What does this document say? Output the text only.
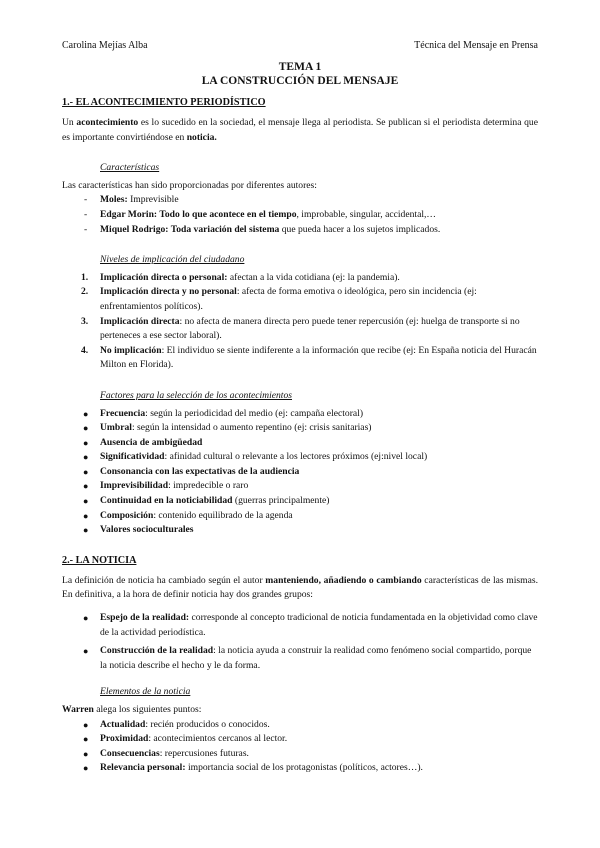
Carolina Mejías Alba	Técnica del Mensaje en Prensa
TEMA 1
LA CONSTRUCCIÓN DEL MENSAJE
1.- EL ACONTECIMIENTO PERIODÍSTICO

Un acontecimiento es lo sucedido en la sociedad, el mensaje llega al periodista. Se publican si el periodista determina que es importante convirtiéndose en noticia.

Características

Las características han sido proporcionadas por diferentes autores:

- Moles: Imprevisible
- Edgar Morin: Todo lo que acontece en el tiempo, improbable, singular, accidental,…
- Miquel Rodrigo: Toda variación del sistema que pueda hacer a los sujetos implicados.

Niveles de implicación del ciudadano

1. Implicación directa o personal: afectan a la vida cotidiana (ej: la pandemia).
2. Implicación directa y no personal: afecta de forma emotiva o ideológica, pero sin incidencia (ej: enfrentamientos políticos).
3. Implicación directa: no afecta de manera directa pero puede tener repercusión (ej: huelga de transporte si no perteneces a ese sector laboral).
4. No implicación: El individuo se siente indiferente a la información que recibe (ej: En España noticia del Huracán Milton en Florida).

Factores para la selección de los acontecimientos

● Frecuencia: según la periodicidad del medio (ej: campaña electoral)
● Umbral: según la intensidad o aumento repentino (ej: crisis sanitarias)
● Ausencia de ambigüedad
● Significatividad: afinidad cultural o relevante a los lectores próximos (ej:nivel local)
● Consonancia con las expectativas de la audiencia
● Imprevisibilidad: impredecible o raro
● Continuidad en la noticiabilidad (guerras principalmente)
● Composición: contenido equilibrado de la agenda
● Valores socioculturales
2.- LA NOTICIA

La definición de noticia ha cambiado según el autor manteniendo, añadiendo o cambiando características de las mismas. En definitiva, a la hora de definir noticia hay dos grandes grupos:

● Espejo de la realidad: corresponde al concepto tradicional de noticia fundamentada en la objetividad como clave de la actividad periodística.
● Construcción de la realidad: la noticia ayuda a construir la realidad como fenómeno social compartido, porque la noticia describe el hecho y le da forma.

Elementos de la noticia

Warren alega los siguientes puntos:

● Actualidad: recién producidos o conocidos.
● Proximidad: acontecimientos cercanos al lector.
● Consecuencias: repercusiones futuras.
● Relevancia personal: importancia social de los protagonistas (políticos, actores…).
